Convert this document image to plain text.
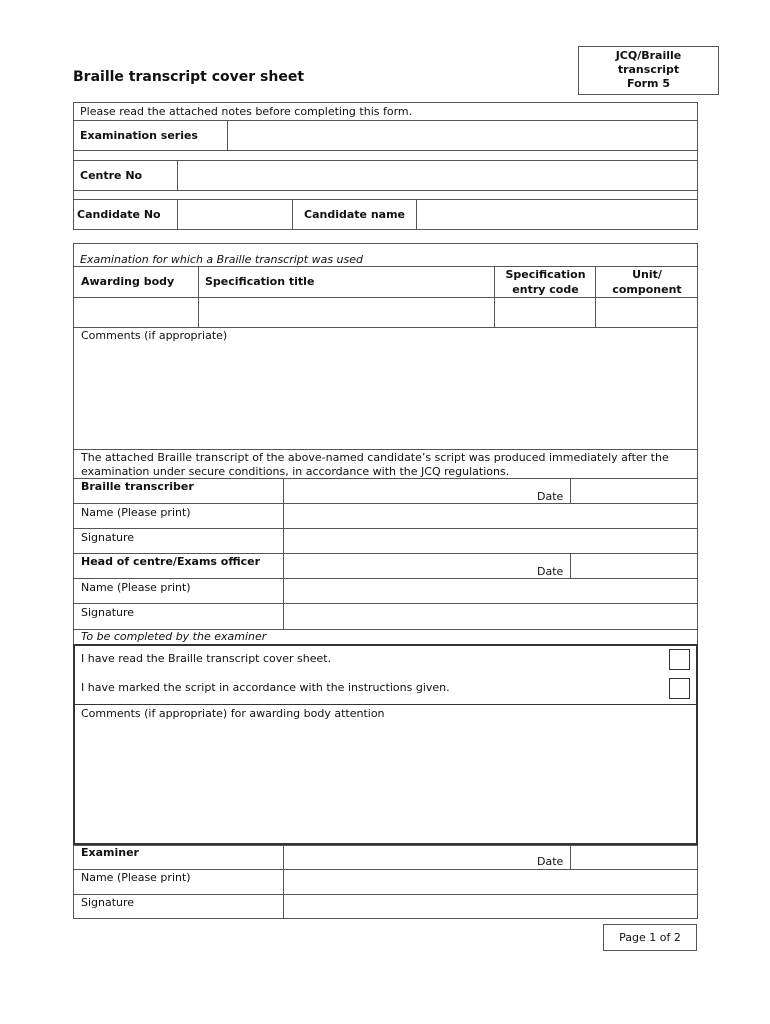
Braille transcript cover sheet
JCQ/Braille
transcript
Form 5
Please read the attached notes before completing this form.
Examination series
Centre No
Candidate No	Candidate name
Examination for which a Braille transcript was used
Awarding body	Specification title
Specification
entry code
Unit/
component
Comments (if appropriate)
The attached Braille transcript of the above-named candidate’s script was produced immediately after the
examination under secure conditions, in accordance with the JCQ regulations.
Braille transcriber
Date
Name (Please print)
Signature
Head of centre/Exams officer
Date
Name (Please print)
Signature
To be completed by the examiner
I have read the Braille transcript cover sheet.
I have marked the script in accordance with the instructions given.
Comments (if appropriate) for awarding body attention
Examiner
Date
Name (Please print)
Signature
Page 1 of 2
